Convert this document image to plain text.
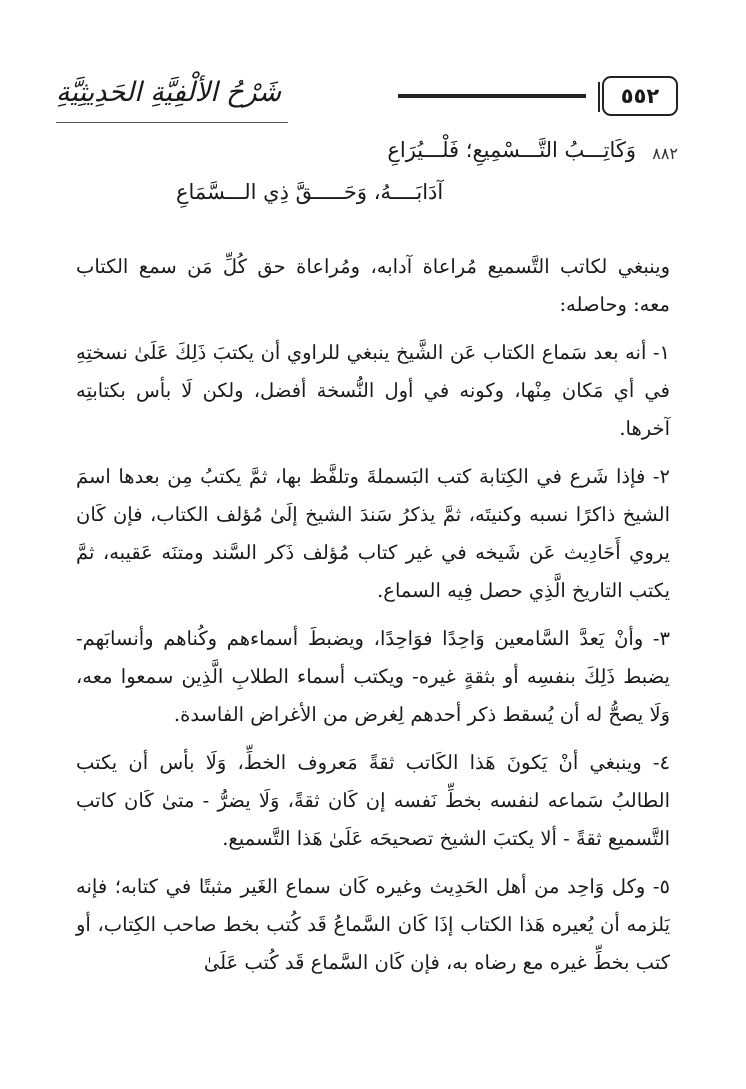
٥٥٢
شَرْحُ الألْفِيَّةِ الحَدِيثِيَّةِ
٨٨٢
وَكَاتِـــبُ التَّـــسْمِيعِ؛ فَلْـــيُرَاعِ
آدَابَــــهُ، وَحَـــــقَّ ذِي الـــسَّمَاعِ

وينبغي لكاتب التَّسميع مُراعاة آدابه، ومُراعاة حق كُلِّ مَن سمع الكتاب معه: وحاصله:

١- أنه بعد سَماع الكتاب عَن الشَّيخ ينبغي للراوي أن يكتبَ ذَلِكَ عَلَىٰ نسختِهِ في أي مَكان مِنْها، وكونه في أول النُّسخة أفضل، ولكن لَا بأس بكتابتِه آخرها.

٢- فإذا شَرع في الكِتابة كتب البَسملةَ وتلفَّظ بها، ثمَّ يكتبُ مِن بعدها اسمَ الشيخ ذاكرًا نسبه وكنيتَه، ثمَّ يذكرُ سَندَ الشيخ إلَىٰ مُؤلف الكتاب، فإن كَان يروي أَحَادِيث عَن شَيخه في غير كتاب مُؤلف ذَكر السَّند ومتنَه عَقيبه، ثمَّ يكتب التاريخ الَّذِي حصل فِيه السماع.

٣- وأنْ يَعدَّ السَّامعين وَاحِدًا فوَاحِدًا، ويضبطَ أسماءهم وكُناهم وأنسابَهم- يضبط ذَلِكَ بنفسِه أو بثقةٍ غيره- ويكتب أسماء الطلابِ الَّذِين سمعوا معه، وَلَا يصحُّ له أن يُسقط ذكر أحدهم لِغرض من الأغراض الفاسدة.

٤- وينبغي أنْ يَكونَ هَذا الكَاتب ثقةً مَعروف الخطِّ، وَلَا بأس أن يكتب الطالبُ سَماعه لنفسه بخطِّ نَفسه إن كَان ثقةً، وَلَا يضرُّ - متىٰ كَان كاتب التَّسميع ثقةً - ألا يكتبَ الشيخ تصحيحَه عَلَىٰ هَذا التَّسميع.

٥- وكل وَاحِد من أهل الحَدِيث وغيره كَان سماع الغَير مثبتًا في كتابه؛ فإنه يَلزمه أن يُعيره هَذا الكتاب إذَا كَان السَّماعُ قَد كُتب بخط صاحب الكِتاب، أو كتب بخطِّ غيره مع رضاه به، فإن كَان السَّماع قَد كُتب عَلَىٰ
